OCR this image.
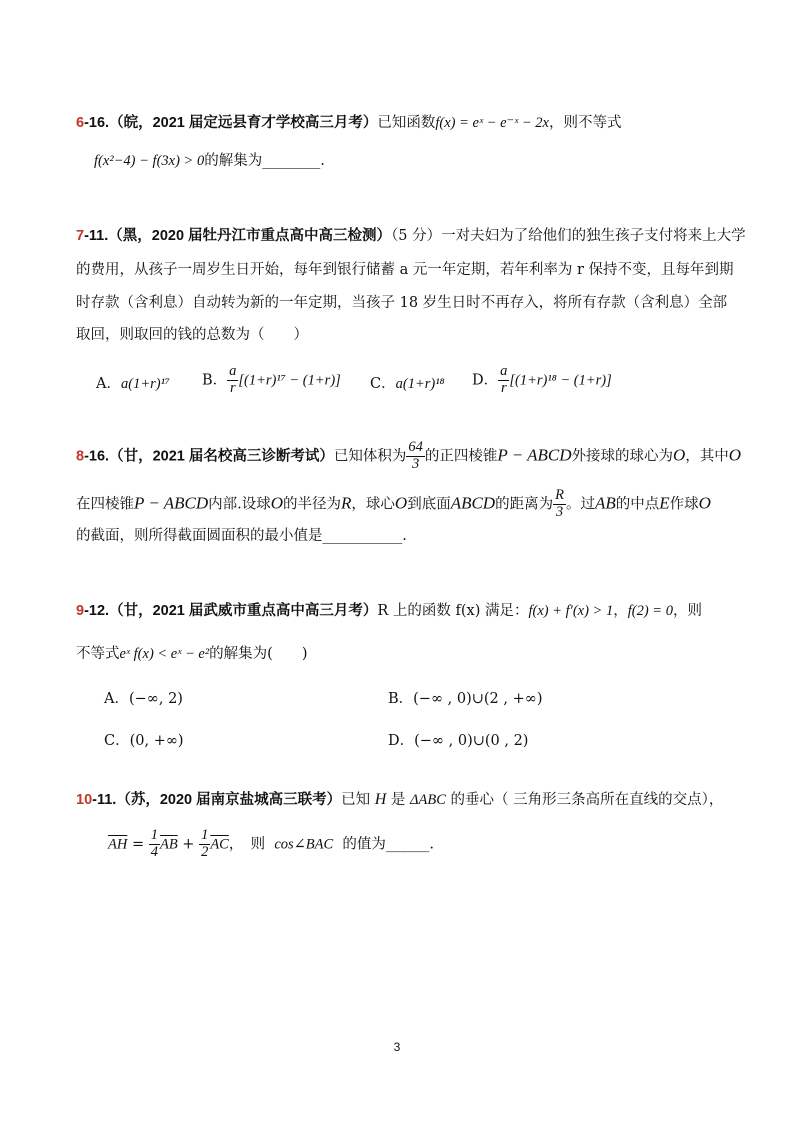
6-16.（皖，2021 届定远县育才学校高三月考）已知函数f(x) = eˣ − e⁻ˣ − 2x，则不等式
f(x²−4) − f(3x) > 0的解集为________.
7-11.（黑，2020 届牡丹江市重点高中高三检测）（5 分）一对夫妇为了给他们的独生孩子支付将来上大学
的费用，从孩子一周岁生日开始，每年到银行储蓄 a 元一年定期，若年利率为 r 保持不变，且每年到期
时存款（含利息）自动转为新的一年定期，当孩子 18 岁生日时不再存入，将所有存款（含利息）全部
取回，则取回的钱的总数为（　　）
A．a(1+r)¹⁷ B． $\frac{a}{r} [(1+r)^{17} - (1+r)]$ C．a(1+r)¹⁸ D． $\frac{a}{r} [(1+r)^{18} - (1+r)]$
8-16.（甘，2021 届名校高三诊断考试）已知体积为 $\frac{64}{3}$ 的正四棱锥P − ABCD外接球的球心为O，其中O
在四棱锥P − ABCD内部.设球O的半径为R，球心O到底面ABCD的距离为 $\frac{R}{3}$ 。过AB的中点E作球O
的截面，则所得截面圆面积的最小值是___________.
9-12.（甘，2021 届武威市重点高中高三月考）R 上的函数 f(x) 满足：f(x) + f′(x) > 1，f(2) = 0，则
不等式eˣ f(x) < eˣ − e²的解集为(　　)
A．(−∞, 2)	B．(−∞ , 0)∪(2 , +∞)
C．(0, +∞)	D．(−∞ , 0)∪(0 , 2)
10-11.（苏，2020 届南京盐城高三联考）已知 H 是 ΔABC 的垂心（ 三角形三条高所在直线的交点），
$\overline{AH} = \frac{1}{4} \overline{AB} + \frac{1}{2} \overline{AC}$，　则 cos∠BAC 的值为______.
3
